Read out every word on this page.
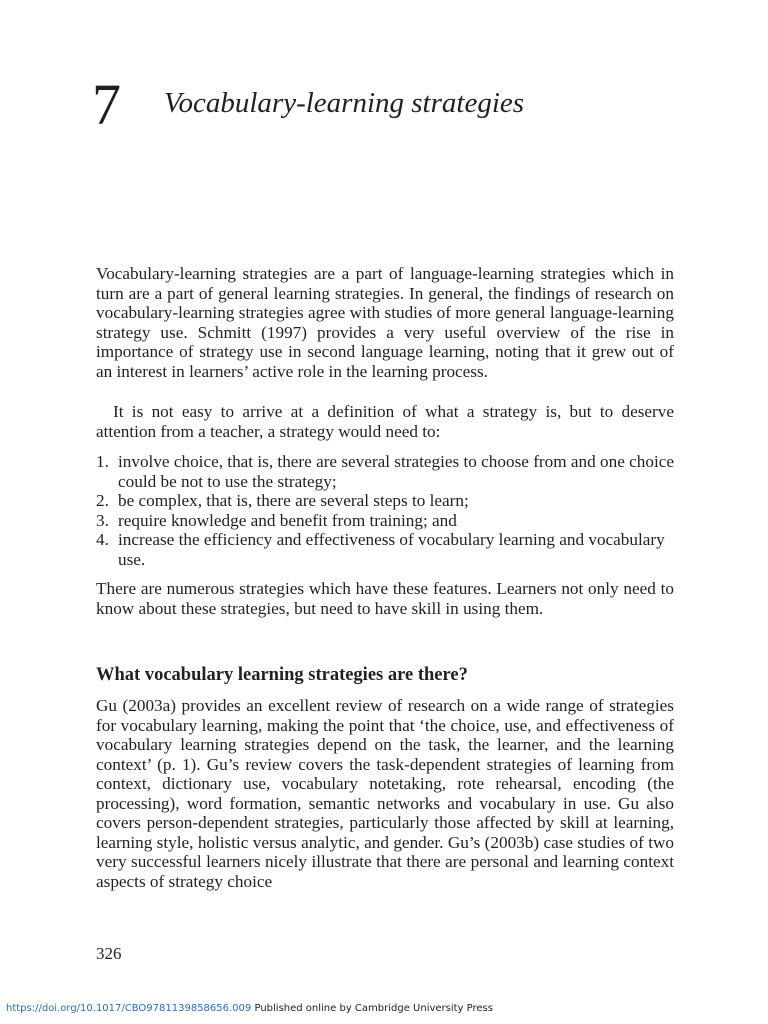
7 Vocabulary-learning strategies

Vocabulary-learning strategies are a part of language-learning strategies which in turn are a part of general learning strategies. In general, the findings of research on vocabulary-learning strategies agree with studies of more general language-learning strategy use. Schmitt (1997) provides a very useful overview of the rise in importance of strategy use in second language learning, noting that it grew out of an interest in learners’ active role in the learning process.

It is not easy to arrive at a definition of what a strategy is, but to deserve attention from a teacher, a strategy would need to:

1. involve choice, that is, there are several strategies to choose from and one choice could be not to use the strategy;
2. be complex, that is, there are several steps to learn;
3. require knowledge and benefit from training; and
4. increase the efficiency and effectiveness of vocabulary learning and vocabulary use.

There are numerous strategies which have these features. Learners not only need to know about these strategies, but need to have skill in using them.

What vocabulary learning strategies are there?

Gu (2003a) provides an excellent review of research on a wide range of strategies for vocabulary learning, making the point that ‘the choice, use, and effectiveness of vocabulary learning strategies depend on the task, the learner, and the learning context’ (p. 1). Gu’s review covers the task-dependent strategies of learning from context, dictionary use, vocabulary notetaking, rote rehearsal, encoding (the processing), word formation, semantic networks and vocabulary in use. Gu also covers person-dependent strategies, particularly those affected by skill at learning, learning style, holistic versus analytic, and gender. Gu’s (2003b) case studies of two very successful learners nicely illustrate that there are personal and learning context aspects of strategy choice

326
https://doi.org/10.1017/CBO9781139858656.009 Published online by Cambridge University Press
